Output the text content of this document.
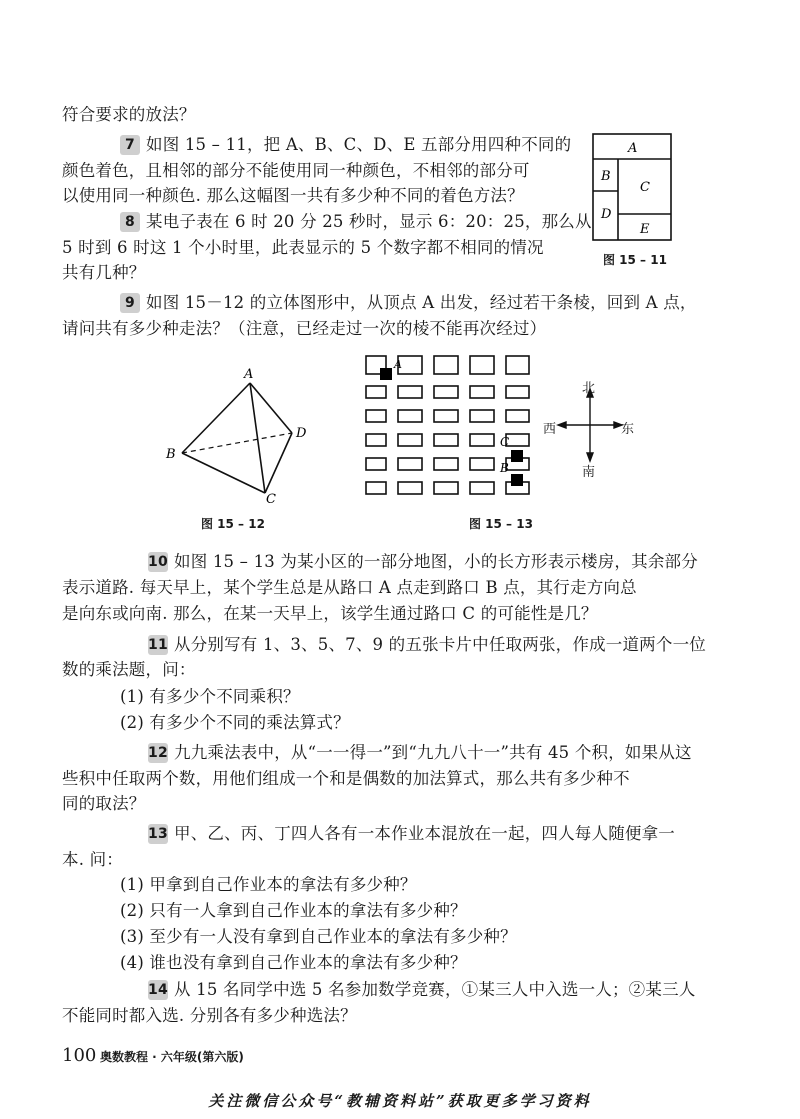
符合要求的放法？
7 如图 15 – 11，把 A、B、C、D、E 五部分用四种不同的
颜色着色，且相邻的部分不能使用同一种颜色，不相邻的部分可
以使用同一种颜色. 那么这幅图一共有多少种不同的着色方法？
8 某电子表在 6 时 20 分 25 秒时，显示 6：20：25，那么从
5 时到 6 时这 1 个小时里，此表显示的 5 个数字都不相同的情况
共有几种？
9 如图 15－12 的立体图形中，从顶点 A 出发，经过若干条棱，回到 A 点，
请问共有多少种走法？（注意，已经走过一次的棱不能再次经过）
10 如图 15 – 13 为某小区的一部分地图，小的长方形表示楼房，其余部分
表示道路. 每天早上，某个学生总是从路口 A 点走到路口 B 点，其行走方向总
是向东或向南. 那么，在某一天早上，该学生通过路口 C 的可能性是几？
11 从分别写有 1、3、5、7、9 的五张卡片中任取两张，作成一道两个一位
数的乘法题，问：
(1) 有多少个不同乘积？
(2) 有多少个不同的乘法算式？
12 九九乘法表中，从“一一得一”到“九九八十一”共有 45 个积，如果从这
些积中任取两个数，用他们组成一个和是偶数的加法算式，那么共有多少种不
同的取法？
13 甲、乙、丙、丁四人各有一本作业本混放在一起，四人每人随便拿一
本. 问：
(1) 甲拿到自己作业本的拿法有多少种？
(2) 只有一人拿到自己作业本的拿法有多少种？
(3) 至少有一人没有拿到自己作业本的拿法有多少种？
(4) 谁也没有拿到自己作业本的拿法有多少种？
14 从 15 名同学中选 5 名参加数学竞赛，①某三人中入选一人；②某三人
不能同时都入选. 分别各有多少种选法？
A
B
C
D
E
图 15 – 11
A
B
C
D
图 15 – 12
A
C
B
图 15 – 13
北
南
西	东
100 奥数教程 · 六年级(第六版)
关注微信公众号“教辅资料站”获取更多学习资料
